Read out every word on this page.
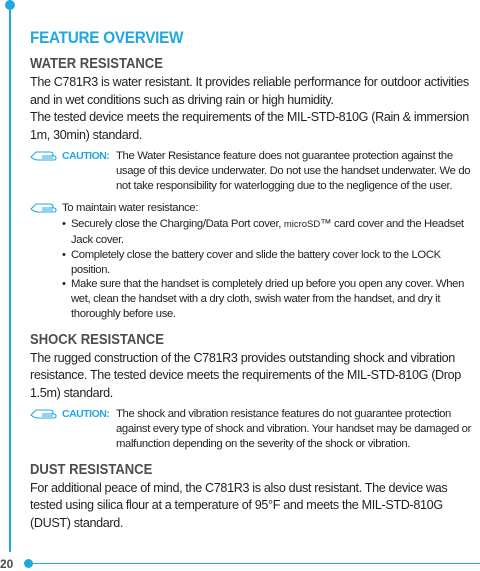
FEATURE OVERVIEW
WATER RESISTANCE

The C781R3 is water resistant. It provides reliable performance for outdoor activities and in wet conditions such as driving rain or high humidity.

The tested device meets the requirements of the MIL-STD-810G (Rain & immersion 1m, 30min) standard.

CAUTION: The Water Resistance feature does not guarantee protection against the usage of this device underwater. Do not use the handset underwater. We do not take responsibility for waterlogging due to the negligence of the user.
To maintain water resistance:
• Securely close the Charging/Data Port cover, microSD™ card cover and the Headset Jack cover.
• Completely close the battery cover and slide the battery cover lock to the LOCK position.
• Make sure that the handset is completely dried up before you open any cover. When wet, clean the handset with a dry cloth, swish water from the handset, and dry it thoroughly before use.
SHOCK RESISTANCE

The rugged construction of the C781R3 provides outstanding shock and vibration resistance. The tested device meets the requirements of the MIL-STD-810G (Drop 1.5m) standard.

CAUTION: The shock and vibration resistance features do not guarantee protection against every type of shock and vibration. Your handset may be damaged or malfunction depending on the severity of the shock or vibration.
DUST RESISTANCE

For additional peace of mind, the C781R3 is also dust resistant. The device was tested using silica flour at a temperature of 95°F and meets the MIL-STD-810G (DUST) standard.

20
